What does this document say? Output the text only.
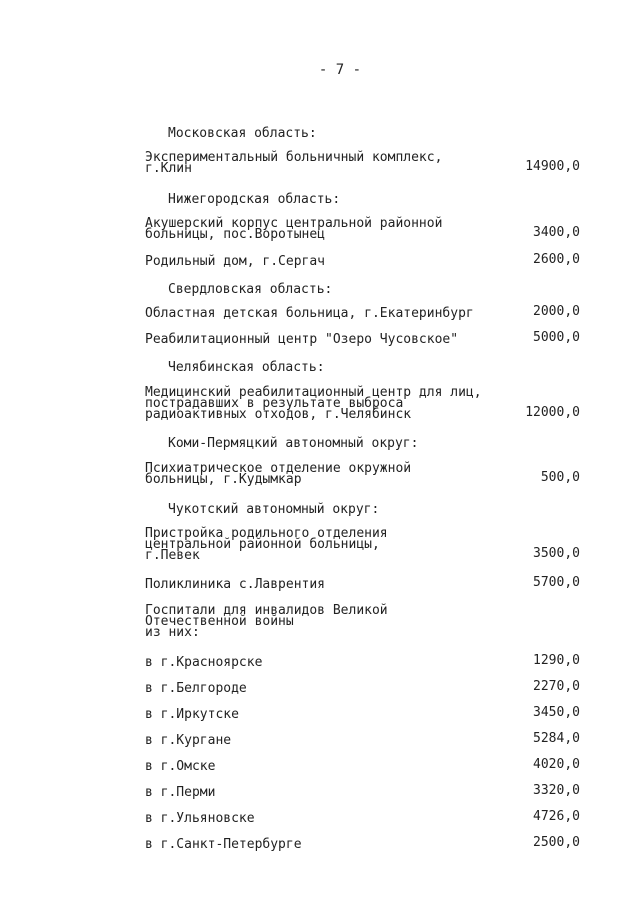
- 7 -
Московская область:
Экспериментальный больничный комплекс,
г.Клин	14900,0
Нижегородская область:
Акушерский корпус центральной районной
больницы, пос.Воротынец	3400,0
Родильный дом, г.Сергач	2600,0
Свердловская область:
Областная детская больница, г.Екатеринбург	2000,0
Реабилитационный центр "Озеро Чусовское"	5000,0
Челябинская область:
Медицинский реабилитационный центр для лиц,
пострадавших в результате выброса
радиоактивных отходов, г.Челябинск	12000,0
Коми-Пермяцкий автономный округ:
Психиатрическое отделение окружной
больницы, г.Кудымкар	500,0
Чукотский автономный округ:
Пристройка родильного отделения
центральной районной больницы,
г.Певек	3500,0
Поликлиника с.Лаврентия	5700,0
Госпитали для инвалидов Великой
Отечественной войны
из них:
в г.Красноярске	1290,0
в г.Белгороде	2270,0
в г.Иркутске	3450,0
в г.Кургане	5284,0
в г.Омске	4020,0
в г.Перми	3320,0
в г.Ульяновске	4726,0
в г.Санкт-Петербурге	2500,0
